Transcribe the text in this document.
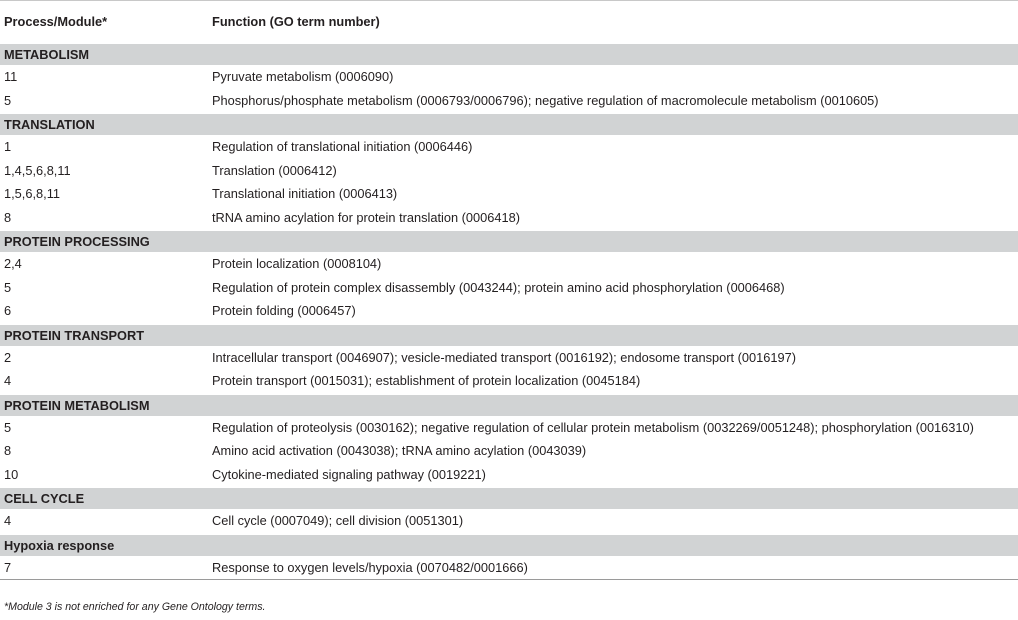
Process/Module*	Function (GO term number)
METABOLISM	
11	Pyruvate metabolism (0006090)
5	Phosphorus/phosphate metabolism (0006793/0006796); negative regulation of macromolecule metabolism (0010605)
TRANSLATION	
1	Regulation of translational initiation (0006446)
1,4,5,6,8,11	Translation (0006412)
1,5,6,8,11	Translational initiation (0006413)
8	tRNA amino acylation for protein translation (0006418)
PROTEIN PROCESSING	
2,4	Protein localization (0008104)
5	Regulation of protein complex disassembly (0043244); protein amino acid phosphorylation (0006468)
6	Protein folding (0006457)
PROTEIN TRANSPORT	
2	Intracellular transport (0046907); vesicle-mediated transport (0016192); endosome transport (0016197)
4	Protein transport (0015031); establishment of protein localization (0045184)
PROTEIN METABOLISM	
5	Regulation of proteolysis (0030162); negative regulation of cellular protein metabolism (0032269/0051248); phosphorylation (0016310)
8	Amino acid activation (0043038); tRNA amino acylation (0043039)
10	Cytokine-mediated signaling pathway (0019221)
CELL CYCLE	
4	Cell cycle (0007049); cell division (0051301)
Hypoxia response	
7	Response to oxygen levels/hypoxia (0070482/0001666)

*Module 3 is not enriched for any Gene Ontology terms.
